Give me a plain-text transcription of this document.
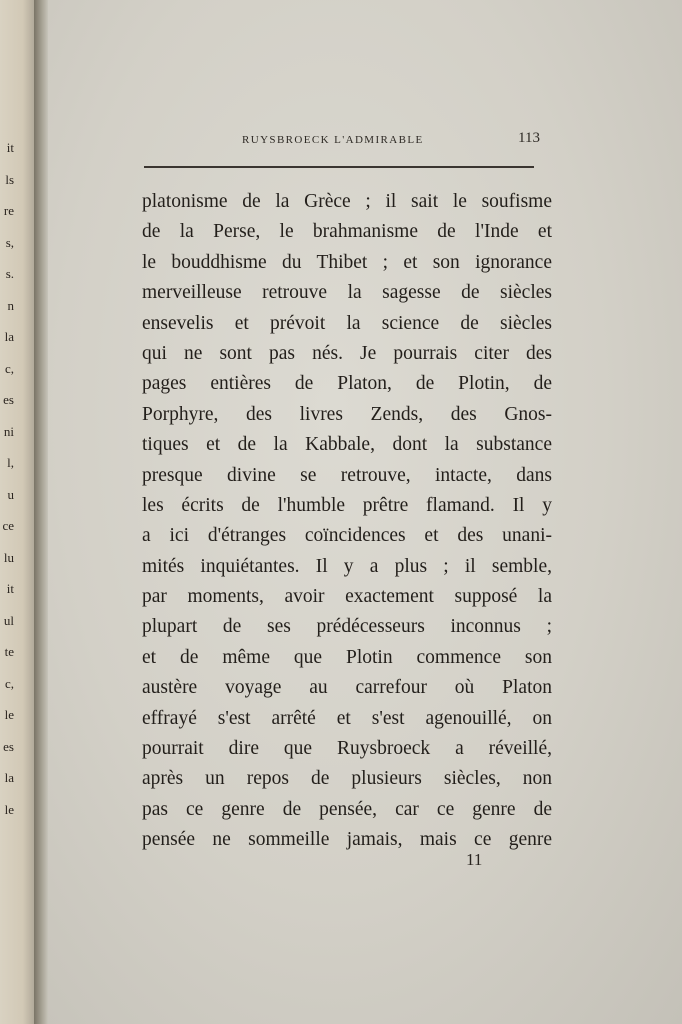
it
ls
re
s,
s.
n
la
c,
es
ni
l,
u
ce
lu
it
ul
te
c,
le
es
la
le
RUYSBROECK L'ADMIRABLE	113
platonisme de la Grèce ; il sait le soufisme
de la Perse, le brahmanisme de l'Inde et
le bouddhisme du Thibet ; et son ignorance
merveilleuse retrouve la sagesse de siècles
ensevelis et prévoit la science de siècles
qui ne sont pas nés. Je pourrais citer des
pages entières de Platon, de Plotin, de
Porphyre, des livres Zends, des Gnos-
tiques et de la Kabbale, dont la substance
presque divine se retrouve, intacte, dans
les écrits de l'humble prêtre flamand. Il y
a ici d'étranges coïncidences et des unani-
mités inquiétantes. Il y a plus ; il semble,
par moments, avoir exactement supposé la
plupart de ses prédécesseurs inconnus ;
et de même que Plotin commence son
austère voyage au carrefour où Platon
effrayé s'est arrêté et s'est agenouillé, on
pourrait dire que Ruysbroeck a réveillé,
après un repos de plusieurs siècles, non
pas ce genre de pensée, car ce genre de
pensée ne sommeille jamais, mais ce genre
11
